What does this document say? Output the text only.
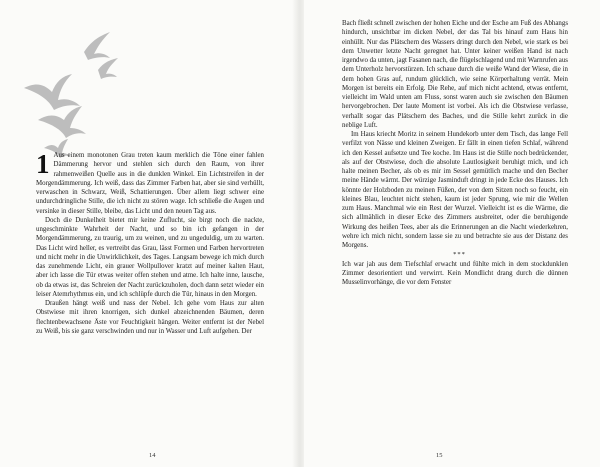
1 Aus einem monotonen Grau treten kaum merklich die Töne einer fahlen Dämmerung hervor und stehlen sich durch den Raum, von ihrer rahmenweißen Quelle aus in die dunklen Winkel. Ein Lichtstreifen in der Morgendämmerung. Ich weiß, dass das Zimmer Farben hat, aber sie sind verhüllt, verwaschen in Schwarz, Weiß, Schattierungen. Über allem liegt schwer eine undurchdringliche Stille, die ich nicht zu stören wage. Ich schließe die Augen und versinke in dieser Stille, bleibe, das Licht und den neuen Tag aus.

Doch die Dunkelheit bietet mir keine Zuflucht, sie birgt noch die nackte, ungeschminkte Wahrheit der Nacht, und so bin ich gefangen in der Morgendämmerung, zu traurig, um zu weinen, und zu ungeduldig, um zu warten. Das Licht wird heller, es vertreibt das Grau, lässt Formen und Farben hervortreten und nicht mehr in die Unwirklichkeit, des Tages. Langsam bewege ich mich durch das zunehmende Licht, ein grauer Wollpullover kratzt auf meiner kalten Haut, aber ich lasse die Tür etwas weiter offen stehen und atme. Ich halte inne, lausche, ob da etwas ist, das Schreien der Nacht zurückzuholen, doch dann setzt wieder ein leiser Atemrhythmus ein, und ich schlüpfe durch die Tür, hinaus in den Morgen.

Draußen hängt weiß und nass der Nebel. Ich gehe vom Haus zur alten Obstwiese mit ihren knorrigen, sich dunkel abzeichnenden Bäumen, deren flechtenbewachsene Äste vor Feuchtigkeit hängen. Weiter entfernt ist der Nebel zu Weiß, bis sie ganz verschwinden und nur in Wasser und Luft aufgehen. Der

14

Bach fließt schnell zwischen der hohen Eiche und der Esche am Fuß des Abhangs hindurch, unsichtbar im dicken Nebel, der das Tal bis hinauf zum Haus hin einhüllt. Nur das Plätschern des Wassers dringt durch den Nebel, wie stark es bei dem Unwetter letzte Nacht geregnet hat. Unter keiner weißen Hand ist nach irgendwo da unten, jagt Fasanen nach, die flügelschlagend und mit Warnrufen aus dem Unterholz hervorstürzen. Ich schaue durch die weiße Wand der Wiese, die in dem hohen Gras auf, rundum glücklich, wie seine Körperhaltung verrät. Mein Morgen ist bereits ein Erfolg. Die Rehe, auf mich nicht achtend, etwas entfernt, vielleicht im Wald unten am Fluss, sonst waren auch sie zwischen den Bäumen hervorgebrochen. Der laute Moment ist vorbei. Als ich die Obstwiese verlasse, verhallt sogar das Plätschern des Baches, und die Stille kehrt zurück in die neblige Luft.

Im Haus kriecht Moritz in seinem Hundekorb unter dem Tisch, das lange Fell verfilzt von Nässe und kleinen Zweigen. Er fällt in einen tiefen Schlaf, während ich den Kessel aufsetze und Tee koche. Im Haus ist die Stille noch bedrückender, als auf der Obstwiese, doch die absolute Lautlosigkeit beruhigt mich, und ich halte meinen Becher, als ob es mir im Sessel gemütlich mache und den Becher meine Hände wärmt. Der würzige Jasminduft dringt in jede Ecke des Hauses. Ich könnte der Holzboden zu meinen Füßen, der von dem Sitzen noch so feucht, ein kleines Blau, leuchtet nicht stehen, kaum ist jeder Sprung, wie mir die Wellen zum Haus. Manchmal wie ein Rest der Wurzel. Vielleicht ist es die Wärme, die sich allmählich in dieser Ecke des Zimmers ausbreitet, oder die beruhigende Wirkung des heißen Tees, aber als die Erinnerungen an die Nacht wiederkehren, wehre ich mich nicht, sondern lasse sie zu und betrachte sie aus der Distanz des Morgens.

***

Ich war jah aus dem Tiefschlaf erwacht und fühlte mich in dem stockdunklen Zimmer desorientiert und verwirrt. Kein Mondlicht drang durch die dünnen Musselinvorhänge, die vor dem Fenster

15
